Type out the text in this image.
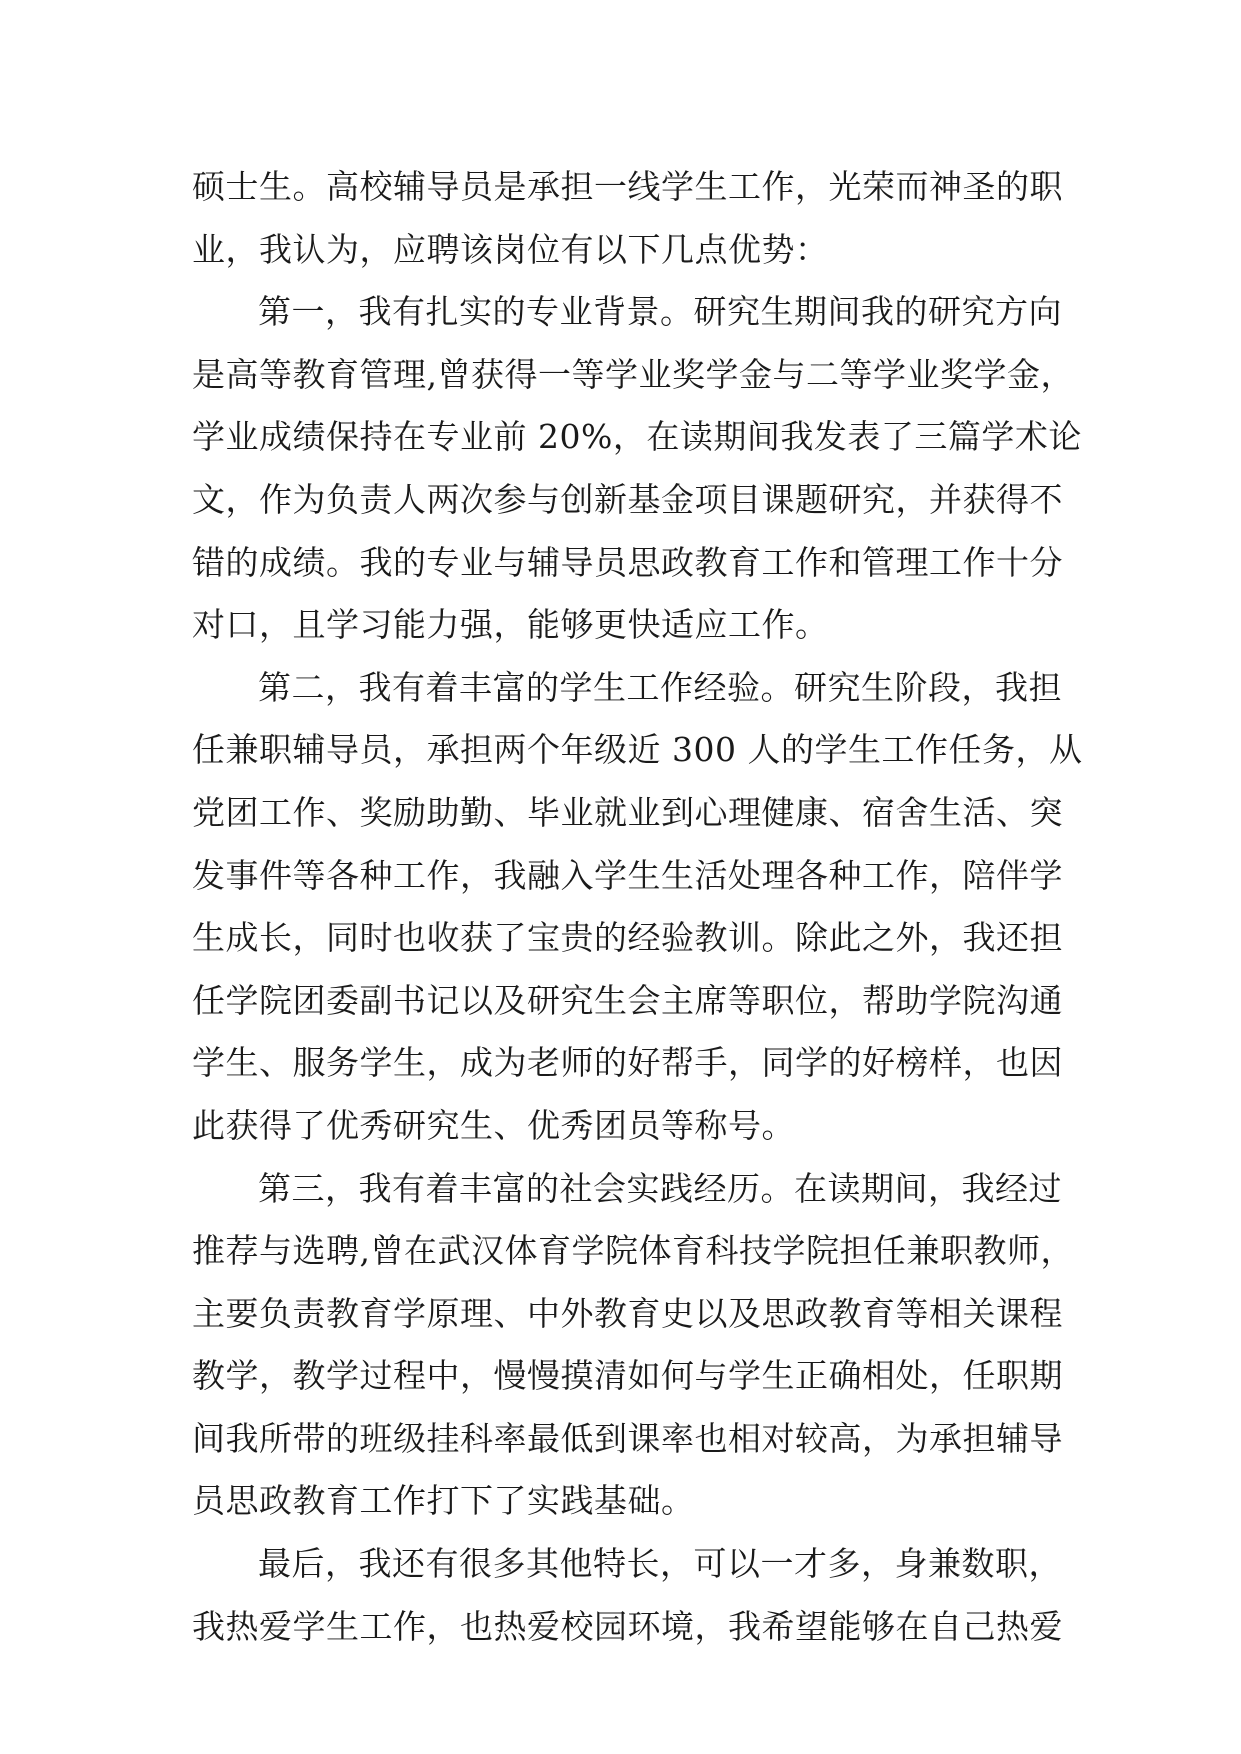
硕士生。高校辅导员是承担一线学生工作，光荣而神圣的职
业，我认为，应聘该岗位有以下几点优势：
第一，我有扎实的专业背景。研究生期间我的研究方向
是高等教育管理,曾获得一等学业奖学金与二等学业奖学金，
学业成绩保持在专业前 20%，在读期间我发表了三篇学术论
文，作为负责人两次参与创新基金项目课题研究，并获得不
错的成绩。我的专业与辅导员思政教育工作和管理工作十分
对口，且学习能力强，能够更快适应工作。
第二，我有着丰富的学生工作经验。研究生阶段，我担
任兼职辅导员，承担两个年级近 300 人的学生工作任务，从
党团工作、奖励助勤、毕业就业到心理健康、宿舍生活、突
发事件等各种工作，我融入学生生活处理各种工作，陪伴学
生成长，同时也收获了宝贵的经验教训。除此之外，我还担
任学院团委副书记以及研究生会主席等职位，帮助学院沟通
学生、服务学生，成为老师的好帮手，同学的好榜样，也因
此获得了优秀研究生、优秀团员等称号。
第三，我有着丰富的社会实践经历。在读期间，我经过
推荐与选聘,曾在武汉体育学院体育科技学院担任兼职教师，
主要负责教育学原理、中外教育史以及思政教育等相关课程
教学，教学过程中，慢慢摸清如何与学生正确相处，任职期
间我所带的班级挂科率最低到课率也相对较高，为承担辅导
员思政教育工作打下了实践基础。
最后，我还有很多其他特长，可以一才多，身兼数职，
我热爱学生工作，也热爱校园环境，我希望能够在自己热爱
